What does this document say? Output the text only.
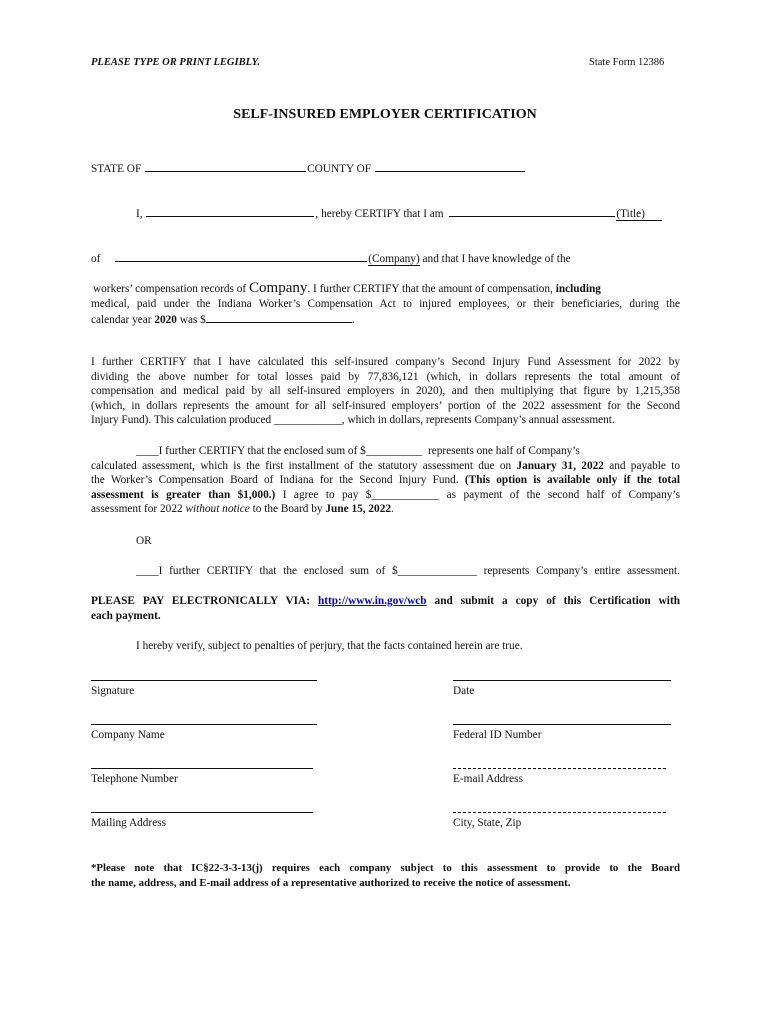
PLEASE TYPE OR PRINT LEGIBLY.	State Form 12386
SELF-INSURED EMPLOYER CERTIFICATION
STATE OF	COUNTY OF
I,	, hereby CERTIFY that I am	(Title)
of	(Company) and that I have knowledge of the
workers’ compensation records of Company. I further CERTIFY that the amount of compensation, including
medical, paid under the Indiana Worker’s Compensation Act to injured employees, or their beneficiaries, during the
calendar year 2020 was $	.
I further CERTIFY that I have calculated this self-insured company’s Second Injury Fund Assessment for 2022 by
dividing the above number for total losses paid by 77,836,121 (which, in dollars represents the total amount of
compensation and medical paid by all self-insured employers in 2020), and then multiplying that figure by 1,215,358
(which, in dollars represents the amount for all self-insured employers’ portion of the 2022 assessment for the Second
Injury Fund). This calculation produced ____________, which in dollars, represents Company’s annual assessment.
____I further CERTIFY that the enclosed sum of $__________ represents one half of Company’s
calculated assessment, which is the first installment of the statutory assessment due on January 31, 2022 and payable to
the Worker’s Compensation Board of Indiana for the Second Injury Fund. (This option is available only if the total
assessment is greater than $1,000.) I agree to pay $____________ as payment of the second half of Company’s
assessment for 2022 without notice to the Board by June 15, 2022.
OR
____I further CERTIFY that the enclosed sum of $______________ represents Company’s entire assessment.
PLEASE PAY ELECTRONICALLY VIA: http://www.in.gov/wcb and submit a copy of this Certification with
each payment.
I hereby verify, subject to penalties of perjury, that the facts contained herein are true.
Signature	Date
Company Name	Federal ID Number
Telephone Number	E-mail Address
Mailing Address	City, State, Zip
*Please note that IC§22-3-3-13(j) requires each company subject to this assessment to provide to the Board
the name, address, and E-mail address of a representative authorized to receive the notice of assessment.
